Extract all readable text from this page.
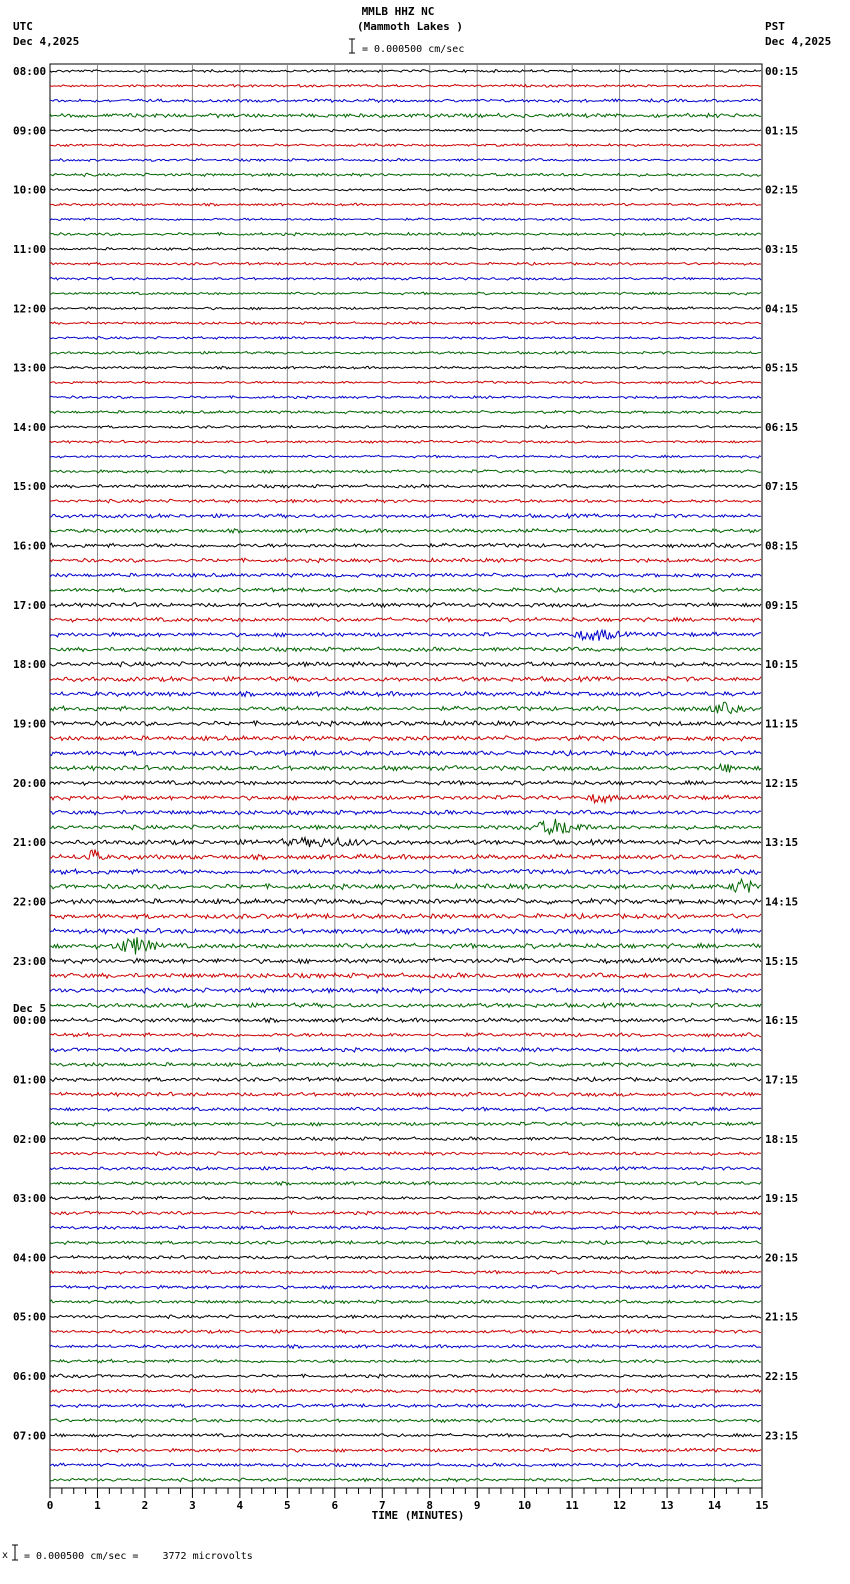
MMLB HHZ NC
(Mammoth Lakes )
UTC
Dec 4,2025
PST
Dec 4,2025
= 0.000500 cm/sec
08:00
09:00
10:00
11:00
12:00
13:00
14:00
15:00
16:00
17:00
18:00
19:00
20:00
21:00
22:00
23:00
00:00
01:00
02:00
03:00
04:00
05:00
06:00
07:00
00:15
01:15
02:15
03:15
04:15
05:15
06:15
07:15
08:15
09:15
10:15
11:15
12:15
13:15
14:15
15:15
16:15
17:15
18:15
19:15
20:15
21:15
22:15
23:15
Dec 5
0	1	2	3	4	5	6	7	8	9	10	11	12	13	14	15
TIME (MINUTES)
x = 0.000500 cm/sec =    3772 microvolts
